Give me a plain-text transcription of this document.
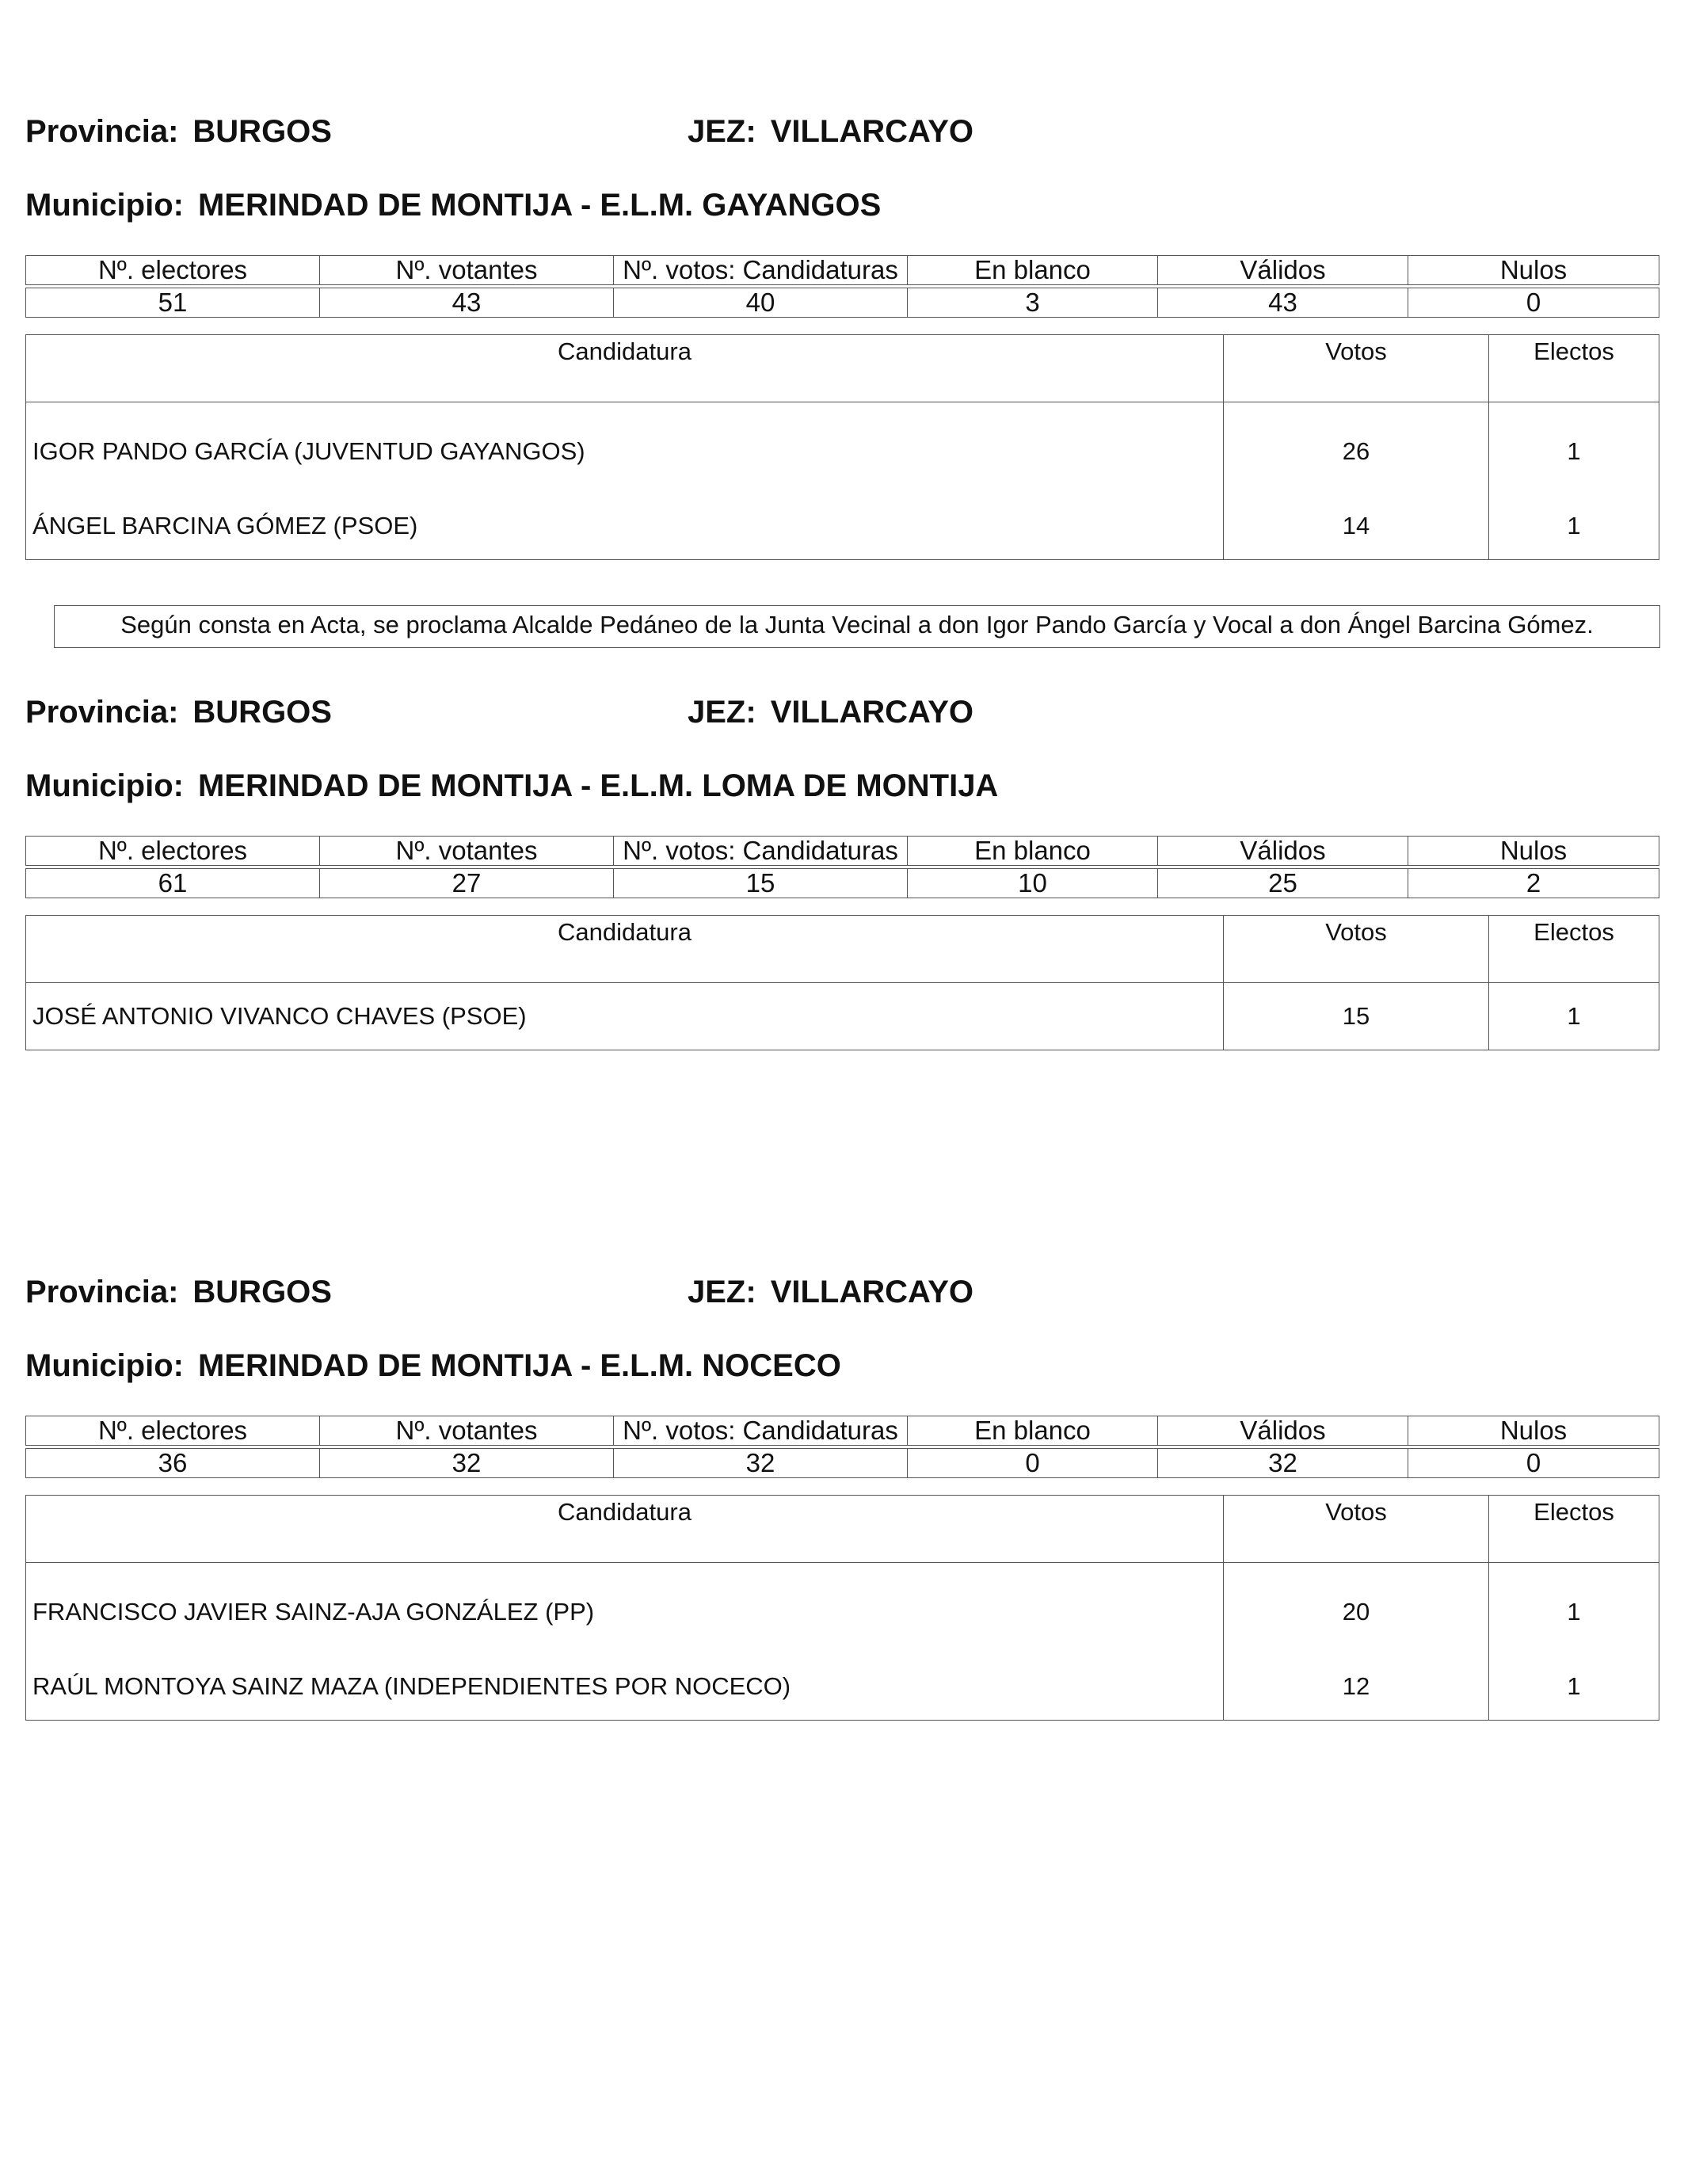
Provincia: BURGOS	JEZ: VILLARCAYO
Municipio: MERINDAD DE MONTIJA - E.L.M. GAYANGOS
Nº. electores	Nº. votantes	Nº. votos: Candidaturas	En blanco	Válidos	Nulos

51	43	40	3	43	0
Candidatura	Votos	Electos
IGOR PANDO GARCÍA (JUVENTUD GAYANGOS)	26	1
ÁNGEL BARCINA GÓMEZ (PSOE)	14	1
Según consta en Acta, se proclama Alcalde Pedáneo de la Junta Vecinal a don Igor Pando García y Vocal a don Ángel Barcina Gómez.
Provincia: BURGOS	JEZ: VILLARCAYO
Municipio: MERINDAD DE MONTIJA - E.L.M. LOMA DE MONTIJA
Nº. electores	Nº. votantes	Nº. votos: Candidaturas	En blanco	Válidos	Nulos

61	27	15	10	25	2
Candidatura	Votos	Electos
JOSÉ ANTONIO VIVANCO CHAVES (PSOE)	15	1
Provincia: BURGOS	JEZ: VILLARCAYO
Municipio: MERINDAD DE MONTIJA - E.L.M. NOCECO
Nº. electores	Nº. votantes	Nº. votos: Candidaturas	En blanco	Válidos	Nulos

36	32	32	0	32	0
Candidatura	Votos	Electos
FRANCISCO JAVIER SAINZ-AJA GONZÁLEZ (PP)	20	1
RAÚL MONTOYA SAINZ MAZA (INDEPENDIENTES POR NOCECO)	12	1
